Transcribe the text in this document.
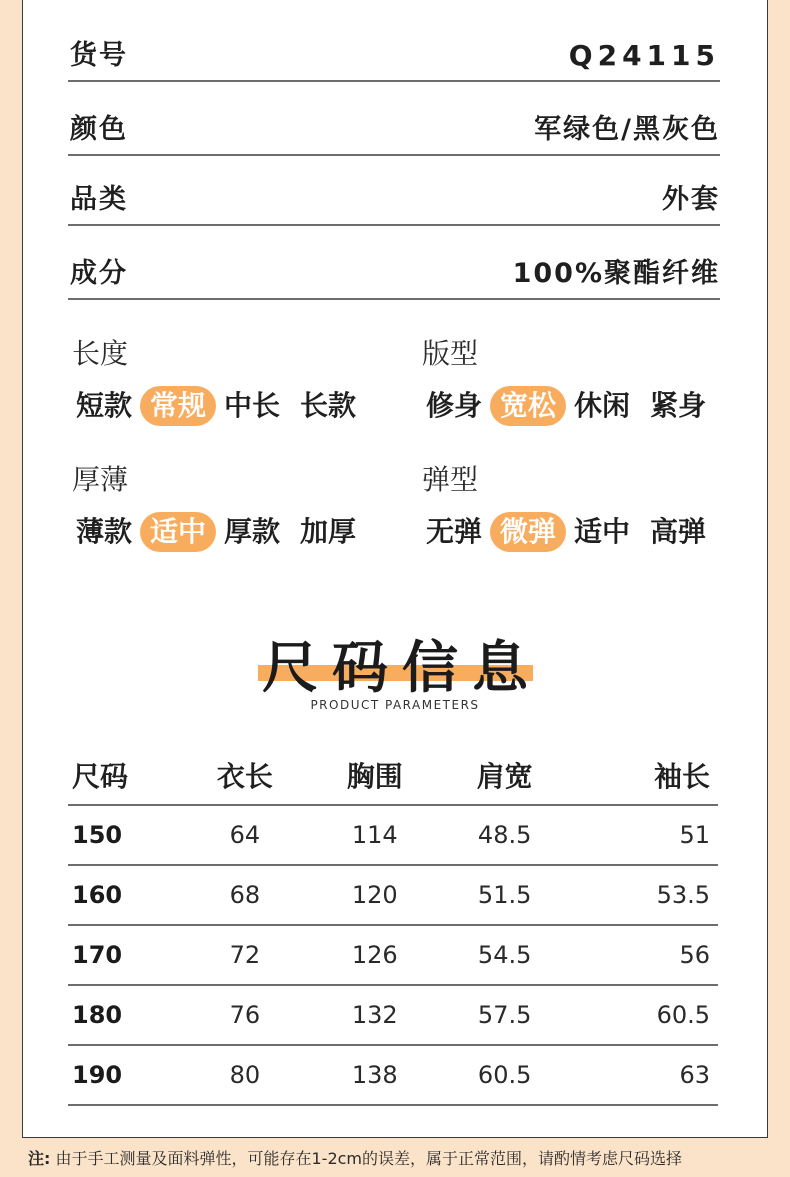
货号	Q24115
颜色	军绿色/黑灰色
品类	外套
成分	100%聚酯纤维
长度
短款 常规 中长 长款
版型
修身 宽松 休闲 紧身
厚薄
薄款 适中 厚款 加厚
弹型
无弹 微弹 适中 高弹
尺码信息
PRODUCT PARAMETERS
尺码	衣长	胸围	肩宽	袖长
150	64	114	48.5	51
160	68	120	51.5	53.5
170	72	126	54.5	56
180	76	132	57.5	60.5
190	80	138	60.5	63
注: 由于手工测量及面料弹性，可能存在1-2cm的误差，属于正常范围，请酌情考虑尺码选择
